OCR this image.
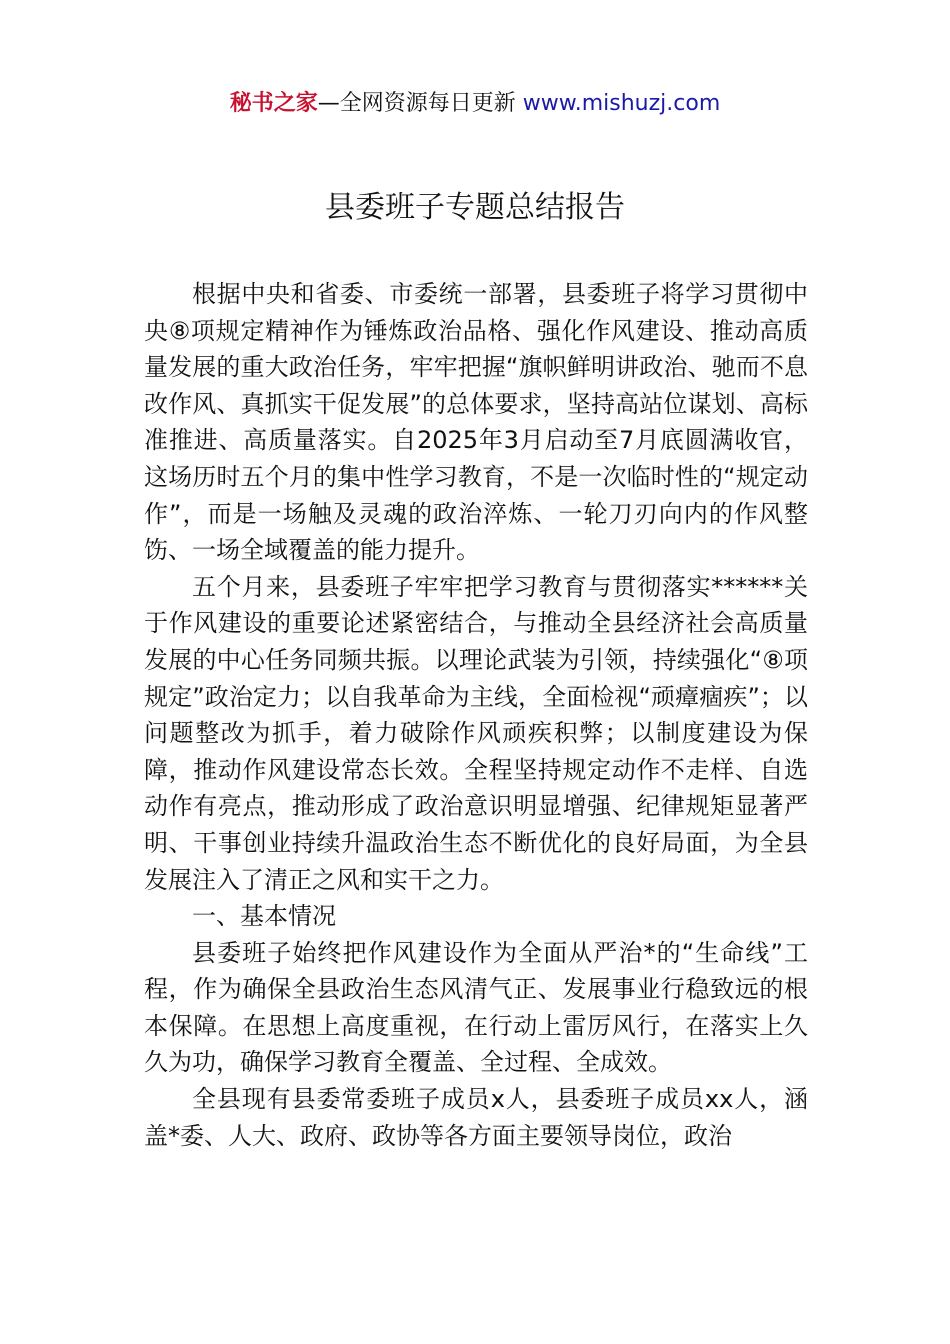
秘书之家—全网资源每日更新 www.mishuzj.com
县委班子专题总结报告

根据中央和省委、市委统一部署，县委班子将学习贯彻中央⑧项规定精神作为锤炼政治品格、强化作风建设、推动高质量发展的重大政治任务，牢牢把握“旗帜鲜明讲政治、驰而不息改作风、真抓实干促发展”的总体要求，坚持高站位谋划、高标准推进、高质量落实。自2025年3月启动至7月底圆满收官，这场历时五个月的集中性学习教育，不是一次临时性的“规定动作”，而是一场触及灵魂的政治淬炼、一轮刀刃向内的作风整饬、一场全域覆盖的能力提升。

五个月来，县委班子牢牢把学习教育与贯彻落实******关于作风建设的重要论述紧密结合，与推动全县经济社会高质量发展的中心任务同频共振。以理论武装为引领，持续强化“⑧项规定”政治定力；以自我革命为主线，全面检视“顽瘴痼疾”；以问题整改为抓手，着力破除作风顽疾积弊；以制度建设为保障，推动作风建设常态长效。全程坚持规定动作不走样、自选动作有亮点，推动形成了政治意识明显增强、纪律规矩显著严明、干事创业持续升温政治生态不断优化的良好局面，为全县发展注入了清正之风和实干之力。

一、基本情况

县委班子始终把作风建设作为全面从严治*的“生命线”工程，作为确保全县政治生态风清气正、发展事业行稳致远的根本保障。在思想上高度重视，在行动上雷厉风行，在落实上久久为功，确保学习教育全覆盖、全过程、全成效。

全县现有县委常委班子成员x人，县委班子成员xx人，涵盖*委、人大、政府、政协等各方面主要领导岗位，政治
